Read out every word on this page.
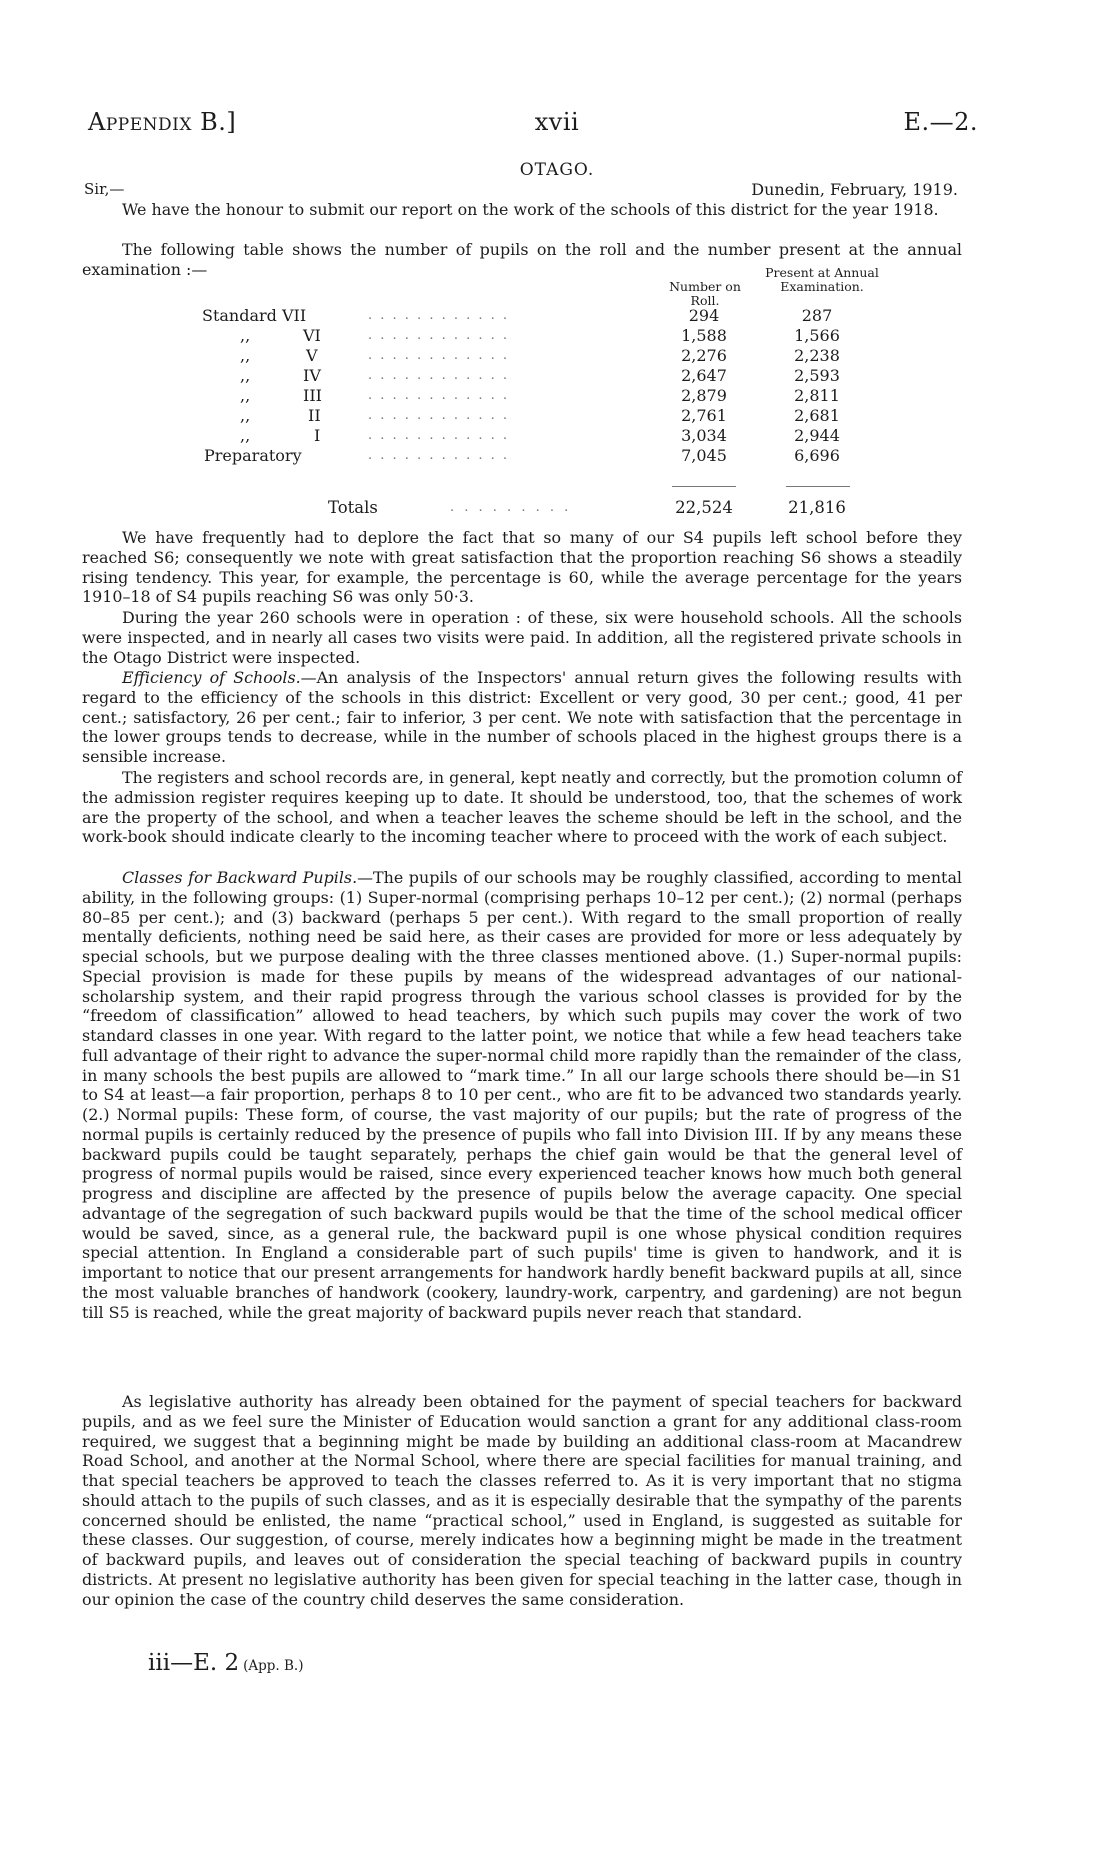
Appendix B.]	xvii	E.—2.
OTAGO.
Sir,—	Dunedin, February, 1919.

We have the honour to submit our report on the work of the schools of this district for the year 1918.

The following table shows the number of pupils on the roll and the number present at the annual examination :—

Number on Roll.
Present at Annual Examination.
Standard VII	. . . . . . . . . . . .	294	287
,,	VI	. . . . . . . . . . . .	1,588	1,566
,,	V	. . . . . . . . . . . .	2,276	2,238
,,	IV	. . . . . . . . . . . .	2,647	2,593
,,	III	. . . . . . . . . . . .	2,879	2,811
,,	II	. . . . . . . . . . . .	2,761	2,681
,,	I	. . . . . . . . . . . .	3,034	2,944
Preparatory	. . . . . . . . . . . .	7,045	6,696
Totals	. . . . . . . . .	22,524	21,816

We have frequently had to deplore the fact that so many of our S4 pupils left school before they reached S6; consequently we note with great satisfaction that the proportion reaching S6 shows a steadily rising tendency. This year, for example, the percentage is 60, while the average percentage for the years 1910–18 of S4 pupils reaching S6 was only 50·3.

During the year 260 schools were in operation : of these, six were household schools. All the schools were inspected, and in nearly all cases two visits were paid. In addition, all the registered private schools in the Otago District were inspected.

Efficiency of Schools.—An analysis of the Inspectors' annual return gives the following results with regard to the efficiency of the schools in this district: Excellent or very good, 30 per cent.; good, 41 per cent.; satisfactory, 26 per cent.; fair to inferior, 3 per cent. We note with satisfaction that the percentage in the lower groups tends to decrease, while in the number of schools placed in the highest groups there is a sensible increase.

The registers and school records are, in general, kept neatly and correctly, but the promotion column of the admission register requires keeping up to date. It should be understood, too, that the schemes of work are the property of the school, and when a teacher leaves the scheme should be left in the school, and the work-book should indicate clearly to the incoming teacher where to proceed with the work of each subject.

Classes for Backward Pupils.—The pupils of our schools may be roughly classified, according to mental ability, in the following groups: (1) Super-normal (comprising perhaps 10–12 per cent.); (2) normal (perhaps 80–85 per cent.); and (3) backward (perhaps 5 per cent.). With regard to the small proportion of really mentally deficients, nothing need be said here, as their cases are provided for more or less adequately by special schools, but we purpose dealing with the three classes mentioned above. (1.) Super-normal pupils: Special provision is made for these pupils by means of the widespread advantages of our national-scholarship system, and their rapid progress through the various school classes is provided for by the “freedom of classification” allowed to head teachers, by which such pupils may cover the work of two standard classes in one year. With regard to the latter point, we notice that while a few head teachers take full advantage of their right to advance the super-normal child more rapidly than the remainder of the class, in many schools the best pupils are allowed to “mark time.” In all our large schools there should be—in S1 to S4 at least—a fair proportion, perhaps 8 to 10 per cent., who are fit to be advanced two standards yearly. (2.) Normal pupils: These form, of course, the vast majority of our pupils; but the rate of progress of the normal pupils is certainly reduced by the presence of pupils who fall into Division III. If by any means these backward pupils could be taught separately, perhaps the chief gain would be that the general level of progress of normal pupils would be raised, since every experienced teacher knows how much both general progress and discipline are affected by the presence of pupils below the average capacity. One special advantage of the segregation of such backward pupils would be that the time of the school medical officer would be saved, since, as a general rule, the backward pupil is one whose physical condition requires special attention. In England a considerable part of such pupils' time is given to handwork, and it is important to notice that our present arrangements for handwork hardly benefit backward pupils at all, since the most valuable branches of handwork (cookery, laundry-work, carpentry, and gardening) are not begun till S5 is reached, while the great majority of backward pupils never reach that standard.

As legislative authority has already been obtained for the payment of special teachers for backward pupils, and as we feel sure the Minister of Education would sanction a grant for any additional class-room required, we suggest that a beginning might be made by building an additional class-room at Macandrew Road School, and another at the Normal School, where there are special facilities for manual training, and that special teachers be approved to teach the classes referred to. As it is very important that no stigma should attach to the pupils of such classes, and as it is especially desirable that the sympathy of the parents concerned should be enlisted, the name “practical school,” used in England, is suggested as suitable for these classes. Our suggestion, of course, merely indicates how a beginning might be made in the treatment of backward pupils, and leaves out of consideration the special teaching of backward pupils in country districts. At present no legislative authority has been given for special teaching in the latter case, though in our opinion the case of the country child deserves the same consideration.

iii—E. 2 (App. B.)
